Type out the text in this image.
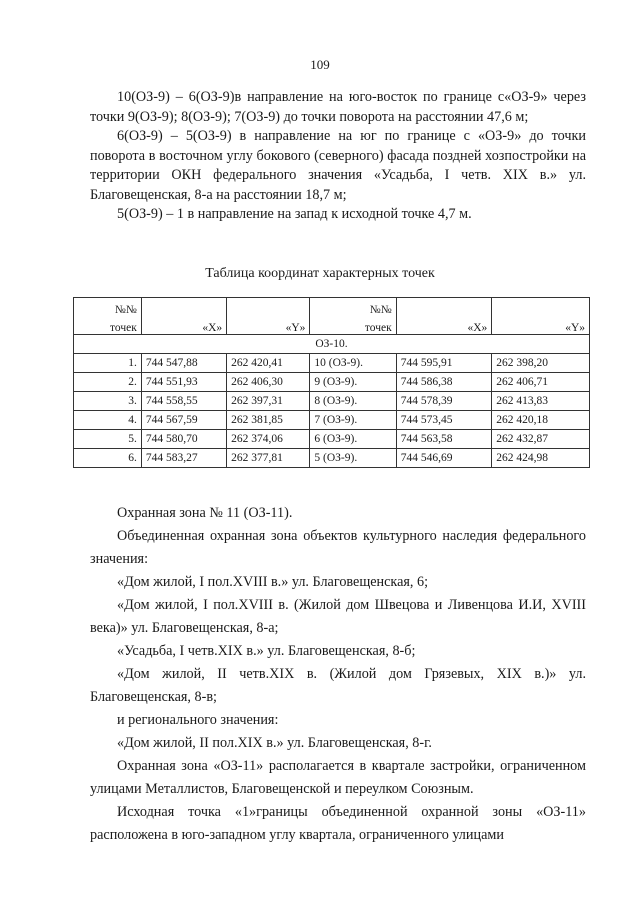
109

10(ОЗ-9) – 6(ОЗ-9)в направление на юго-восток по границе с«ОЗ-9» через точки 9(ОЗ-9); 8(ОЗ-9); 7(ОЗ-9) до точки поворота на расстоянии 47,6 м;

6(ОЗ-9) – 5(ОЗ-9) в направление на юг по границе с «ОЗ-9» до точки поворота в восточном углу бокового (северного) фасада поздней хозпостройки на территории ОКН федерального значения «Усадьба, I четв. XIX в.» ул. Благовещенская, 8-а на расстоянии 18,7 м;

5(ОЗ-9) – 1 в направление на запад к исходной точке 4,7 м.

Таблица координат характерных точек
№№			№№		
точек	«X»	«Y»	точек	«X»	«Y»
ОЗ-10.					
1.	744 547,88	262 420,41	10 (ОЗ-9).	744 595,91	262 398,20
2.	744 551,93	262 406,30	9 (ОЗ-9).	744 586,38	262 406,71
3.	744 558,55	262 397,31	8 (ОЗ-9).	744 578,39	262 413,83
4.	744 567,59	262 381,85	7 (ОЗ-9).	744 573,45	262 420,18
5.	744 580,70	262 374,06	6 (ОЗ-9).	744 563,58	262 432,87
6.	744 583,27	262 377,81	5 (ОЗ-9).	744 546,69	262 424,98

Охранная зона № 11 (ОЗ-11).

Объединенная охранная зона объектов культурного наследия федерального значения:

«Дом жилой, I пол.XVIII в.» ул. Благовещенская, 6;

«Дом жилой, I пол.XVIII в. (Жилой дом Швецова и Ливенцова И.И, XVIII века)» ул. Благовещенская, 8-а;

«Усадьба, I четв.XIX в.» ул. Благовещенская, 8-б;

«Дом жилой, II четв.XIX в. (Жилой дом Грязевых, XIX в.)» ул. Благовещенская, 8-в;

и регионального значения:

«Дом жилой, II пол.XIX в.» ул. Благовещенская, 8-г.

Охранная зона «ОЗ-11» располагается в квартале застройки, ограниченном улицами Металлистов, Благовещенской и переулком Союзным.

Исходная точка «1»границы объединенной охранной зоны «ОЗ-11» расположена в юго-западном углу квартала, ограниченного улицами
